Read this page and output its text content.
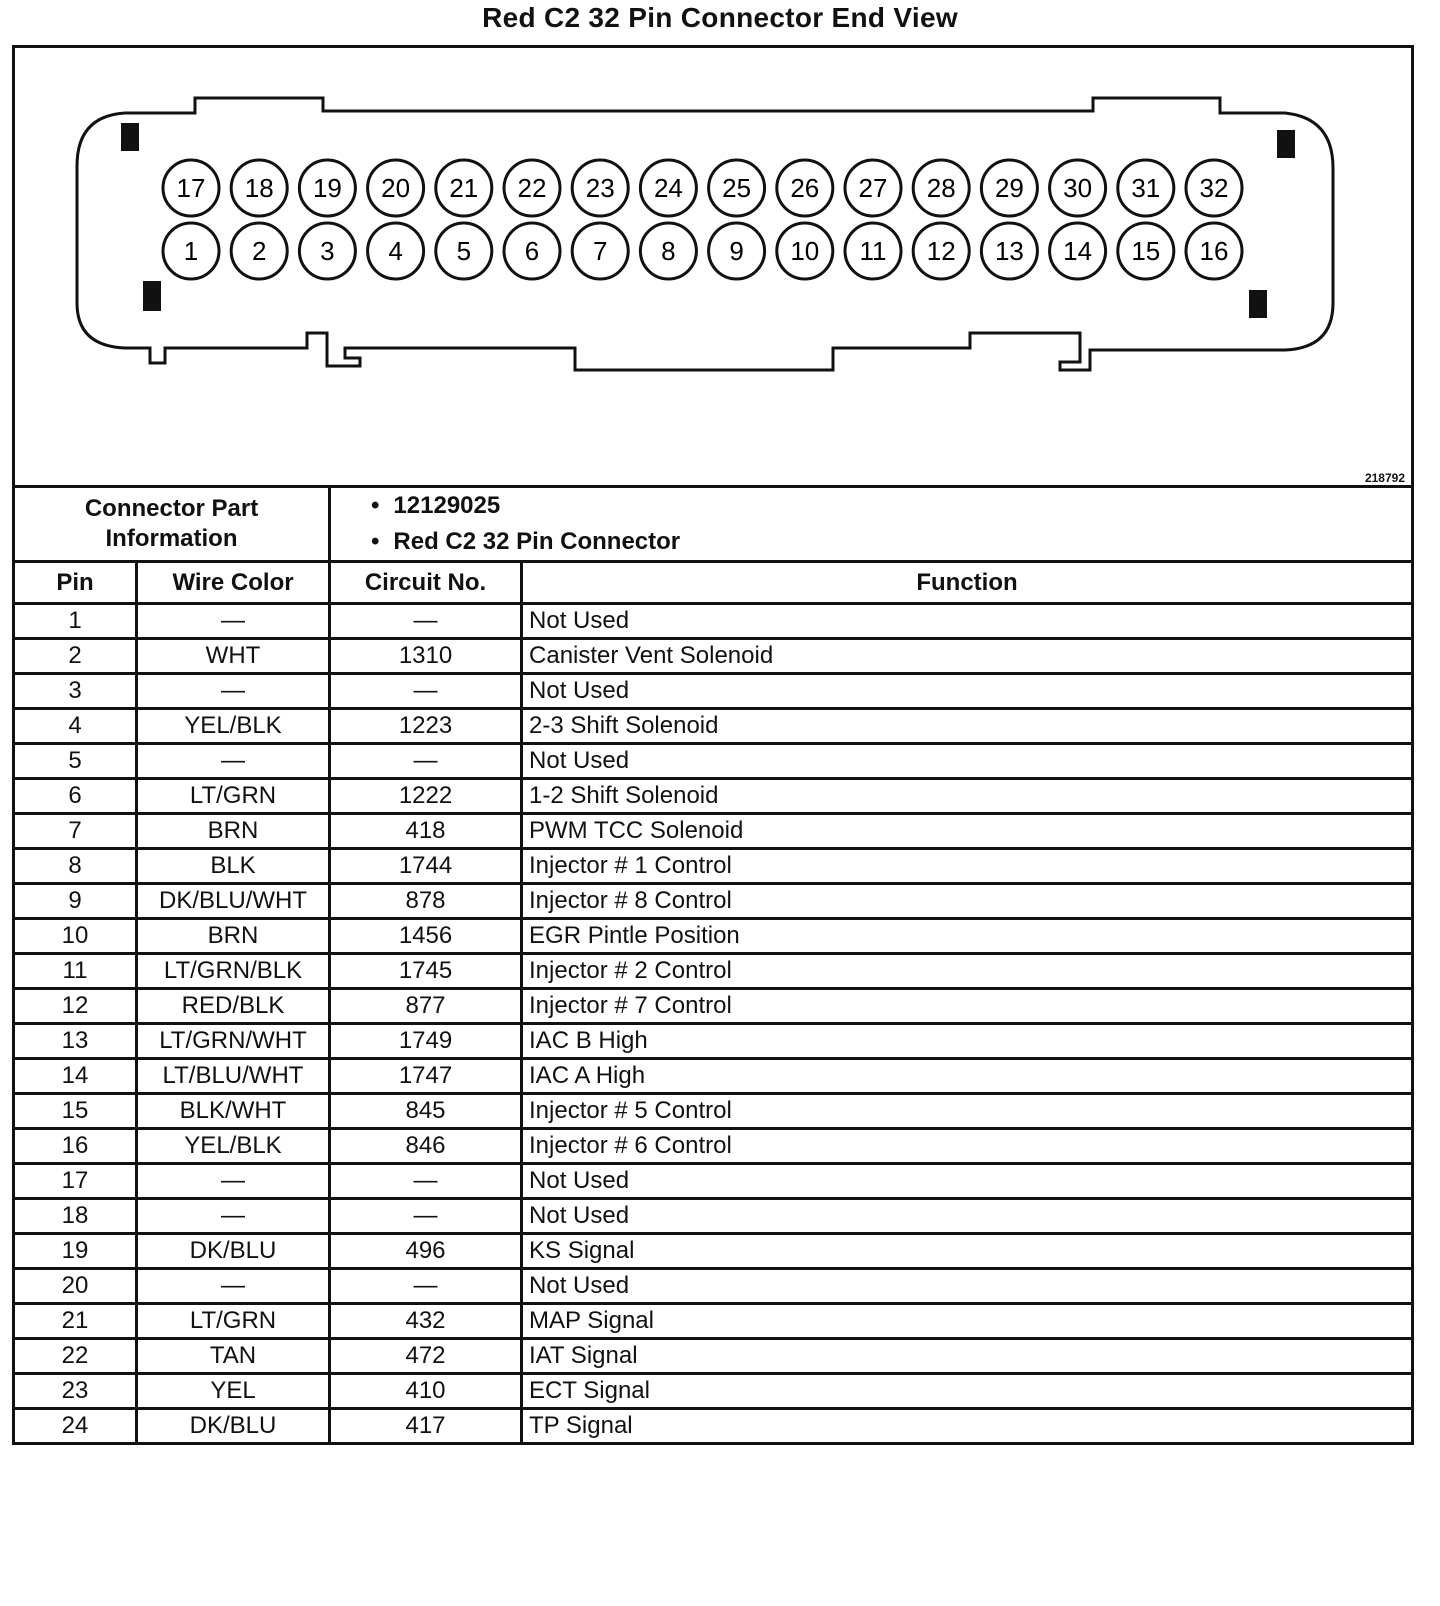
Red C2 32 Pin Connector End View
17 18 19 20 21 22 23 24 25 26 27 28 29 30 31 32
1 2 3 4 5 6 7 8 9 10 11 12 13 14 15 16
218792
Connector Part Information		• 12129025
• Red C2 32 Pin Connector

Pin	Wire Color	Circuit No.	Function
1	—	—	Not Used
2	WHT	1310	Canister Vent Solenoid
3	—	—	Not Used
4	YEL/BLK	1223	2-3 Shift Solenoid
5	—	—	Not Used
6	LT/GRN	1222	1-2 Shift Solenoid
7	BRN	418	PWM TCC Solenoid
8	BLK	1744	Injector # 1 Control
9	DK/BLU/WHT	878	Injector # 8 Control
10	BRN	1456	EGR Pintle Position
11	LT/GRN/BLK	1745	Injector # 2 Control
12	RED/BLK	877	Injector # 7 Control
13	LT/GRN/WHT	1749	IAC B High
14	LT/BLU/WHT	1747	IAC A High
15	BLK/WHT	845	Injector # 5 Control
16	YEL/BLK	846	Injector # 6 Control
17	—	—	Not Used
18	—	—	Not Used
19	DK/BLU	496	KS Signal
20	—	—	Not Used
21	LT/GRN	432	MAP Signal
22	TAN	472	IAT Signal
23	YEL	410	ECT Signal
24	DK/BLU	417	TP Signal
